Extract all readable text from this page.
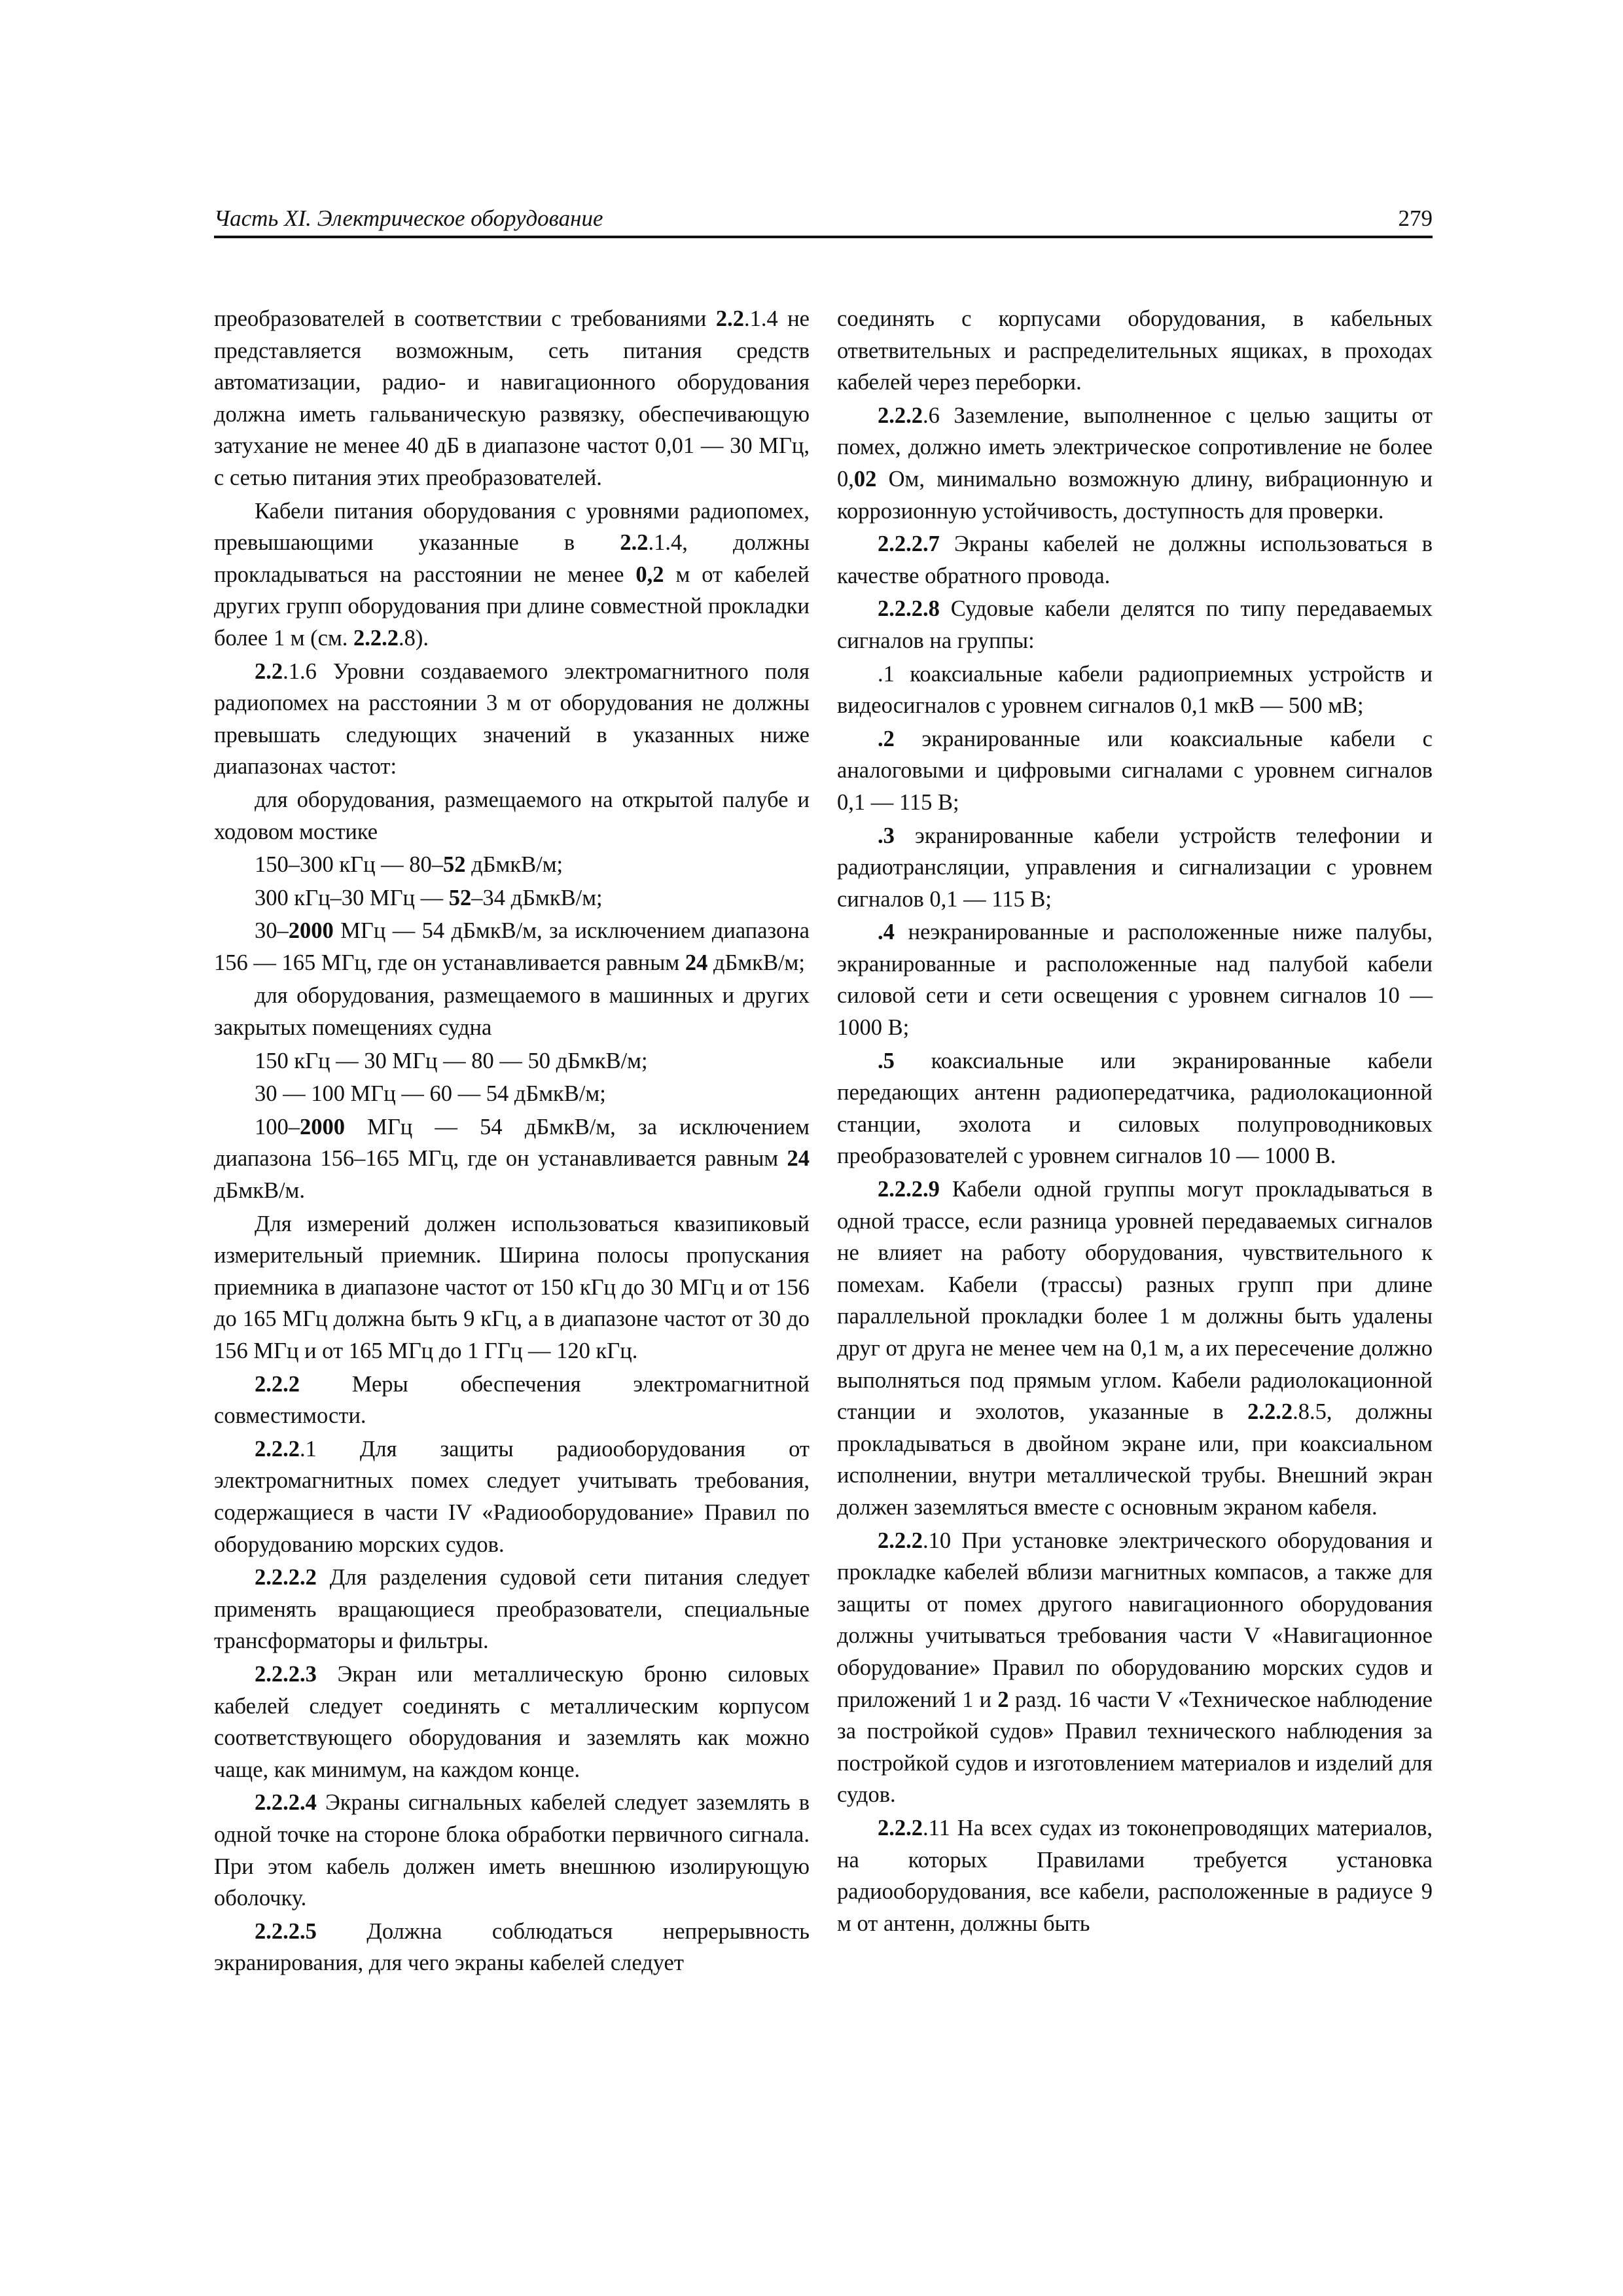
Часть XI. Электрическое оборудование	279

преобразователей в соответствии с требованиями 2.2.1.4 не представляется возможным, сеть питания средств автоматизации, радио- и навигационного оборудования должна иметь гальваническую развязку, обеспечивающую затухание не менее 40 дБ в диапазоне частот 0,01 — 30 МГц, с сетью питания этих преобразователей.

Кабели питания оборудования с уровнями радиопомех, превышающими указанные в 2.2.1.4, должны прокладываться на расстоянии не менее 0,2 м от кабелей других групп оборудования при длине совместной прокладки более 1 м (см. 2.2.2.8).

2.2.1.6 Уровни создаваемого электромагнитного поля радиопомех на расстоянии 3 м от оборудования не должны превышать следующих значений в указанных ниже диапазонах частот:

для оборудования, размещаемого на открытой палубе и ходовом мостике

150–300 кГц — 80–52 дБмкВ/м;

300 кГц–30 МГц — 52–34 дБмкВ/м;

30–2000 МГц — 54 дБмкВ/м, за исключением диапазона 156 — 165 МГц, где он устанавливается равным 24 дБмкВ/м;

для оборудования, размещаемого в машинных и других закрытых помещениях судна

150 кГц — 30 МГц — 80 — 50 дБмкВ/м;

30 — 100 МГц — 60 — 54 дБмкВ/м;

100–2000 МГц — 54 дБмкВ/м, за исключением диапазона 156–165 МГц, где он устанавливается равным 24 дБмкВ/м.

Для измерений должен использоваться квазипиковый измерительный приемник. Ширина полосы пропускания приемника в диапазоне частот от 150 кГц до 30 МГц и от 156 до 165 МГц должна быть 9 кГц, а в диапазоне частот от 30 до 156 МГц и от 165 МГц до 1 ГГц — 120 кГц.

2.2.2 Меры обеспечения электромагнитной совместимости.

2.2.2.1 Для защиты радиооборудования от электромагнитных помех следует учитывать требования, содержащиеся в части IV «Радиооборудование» Правил по оборудованию морских судов.

2.2.2.2 Для разделения судовой сети питания следует применять вращающиеся преобразователи, специальные трансформаторы и фильтры.

2.2.2.3 Экран или металлическую броню силовых кабелей следует соединять с металлическим корпусом соответствующего оборудования и заземлять как можно чаще, как минимум, на каждом конце.

2.2.2.4 Экраны сигнальных кабелей следует заземлять в одной точке на стороне блока обработки первичного сигнала. При этом кабель должен иметь внешнюю изолирующую оболочку.

2.2.2.5 Должна соблюдаться непрерывность экранирования, для чего экраны кабелей следует

соединять с корпусами оборудования, в кабельных ответвительных и распределительных ящиках, в проходах кабелей через переборки.

2.2.2.6 Заземление, выполненное с целью защиты от помех, должно иметь электрическое сопротивление не более 0,02 Ом, минимально возможную длину, вибрационную и коррозионную устойчивость, доступность для проверки.

2.2.2.7 Экраны кабелей не должны использоваться в качестве обратного провода.

2.2.2.8 Судовые кабели делятся по типу передаваемых сигналов на группы:

.1 коаксиальные кабели радиоприемных устройств и видеосигналов с уровнем сигналов 0,1 мкВ — 500 мВ;

.2 экранированные или коаксиальные кабели с аналоговыми и цифровыми сигналами с уровнем сигналов 0,1 — 115 В;

.3 экранированные кабели устройств телефонии и радиотрансляции, управления и сигнализации с уровнем сигналов 0,1 — 115 В;

.4 неэкранированные и расположенные ниже палубы, экранированные и расположенные над палубой кабели силовой сети и сети освещения с уровнем сигналов 10 — 1000 В;

.5 коаксиальные или экранированные кабели передающих антенн радиопередатчика, радиолокационной станции, эхолота и силовых полупроводниковых преобразователей с уровнем сигналов 10 — 1000 В.

2.2.2.9 Кабели одной группы могут прокладываться в одной трассе, если разница уровней передаваемых сигналов не влияет на работу оборудования, чувствительного к помехам. Кабели (трассы) разных групп при длине параллельной прокладки более 1 м должны быть удалены друг от друга не менее чем на 0,1 м, а их пересечение должно выполняться под прямым углом. Кабели радиолокационной станции и эхолотов, указанные в 2.2.2.8.5, должны прокладываться в двойном экране или, при коаксиальном исполнении, внутри металлической трубы. Внешний экран должен заземляться вместе с основным экраном кабеля.

2.2.2.10 При установке электрического оборудования и прокладке кабелей вблизи магнитных компасов, а также для защиты от помех другого навигационного оборудования должны учитываться требования части V «Навигационное оборудование» Правил по оборудованию морских судов и приложений 1 и 2 разд. 16 части V «Техническое наблюдение за постройкой судов» Правил технического наблюдения за постройкой судов и изготовлением материалов и изделий для судов.

2.2.2.11 На всех судах из токонепроводящих материалов, на которых Правилами требуется установка радиооборудования, все кабели, расположенные в радиусе 9 м от антенн, должны быть
